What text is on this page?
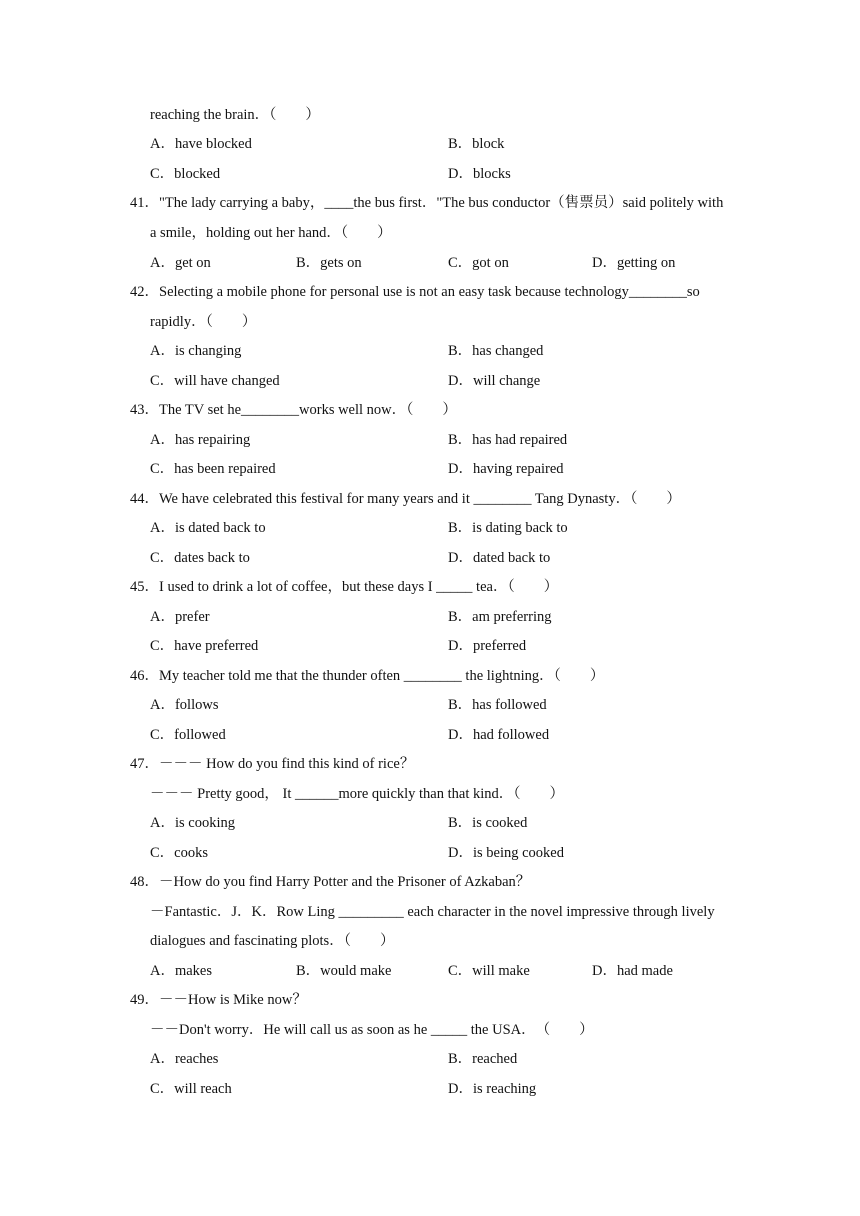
reaching the brain．（　　）
A．have blocked	B．block
C．blocked	D．blocks
41．"The lady carrying a baby，____the bus first．"The bus conductor（售票员）said politely with
a smile，holding out her hand．（　　）
A．get on	B．gets on	C．got on	D．getting on
42．Selecting a mobile phone for personal use is not an easy task because technology________so
rapidly．（　　）
A．is changing	B．has changed
C．will have changed	D．will change
43．The TV set he________works well now．（　　）
A．has repairing	B．has had repaired
C．has been repaired	D．having repaired
44．We have celebrated this festival for many years and it ________ Tang Dynasty．（　　）
A．is dated back to	B．is dating back to
C．dates back to	D．dated back to
45．I used to drink a lot of coffee，but these days I _____ tea．（　　）
A．prefer	B．am preferring
C．have preferred	D．preferred
46．My teacher told me that the thunder often ________ the lightning．（　　）
A．follows	B．has followed
C．followed	D．had followed
47．－－－ How do you find this kind of rice？
－－－ Pretty good， It ______more quickly than that kind．（　　）
A．is cooking	B．is cooked
C．cooks	D．is being cooked
48．－How do you find Harry Potter and the Prisoner of Azkaban？
－Fantastic．J．K．Row Ling _________ each character in the novel impressive through lively
dialogues and fascinating plots．（　　）
A．makes	B．would make	C．will make	D．had made
49．－－How is Mike now？
－－Don't worry．He will call us as soon as he _____ the USA．　（　　）
A．reaches	B．reached
C．will reach	D．is reaching
